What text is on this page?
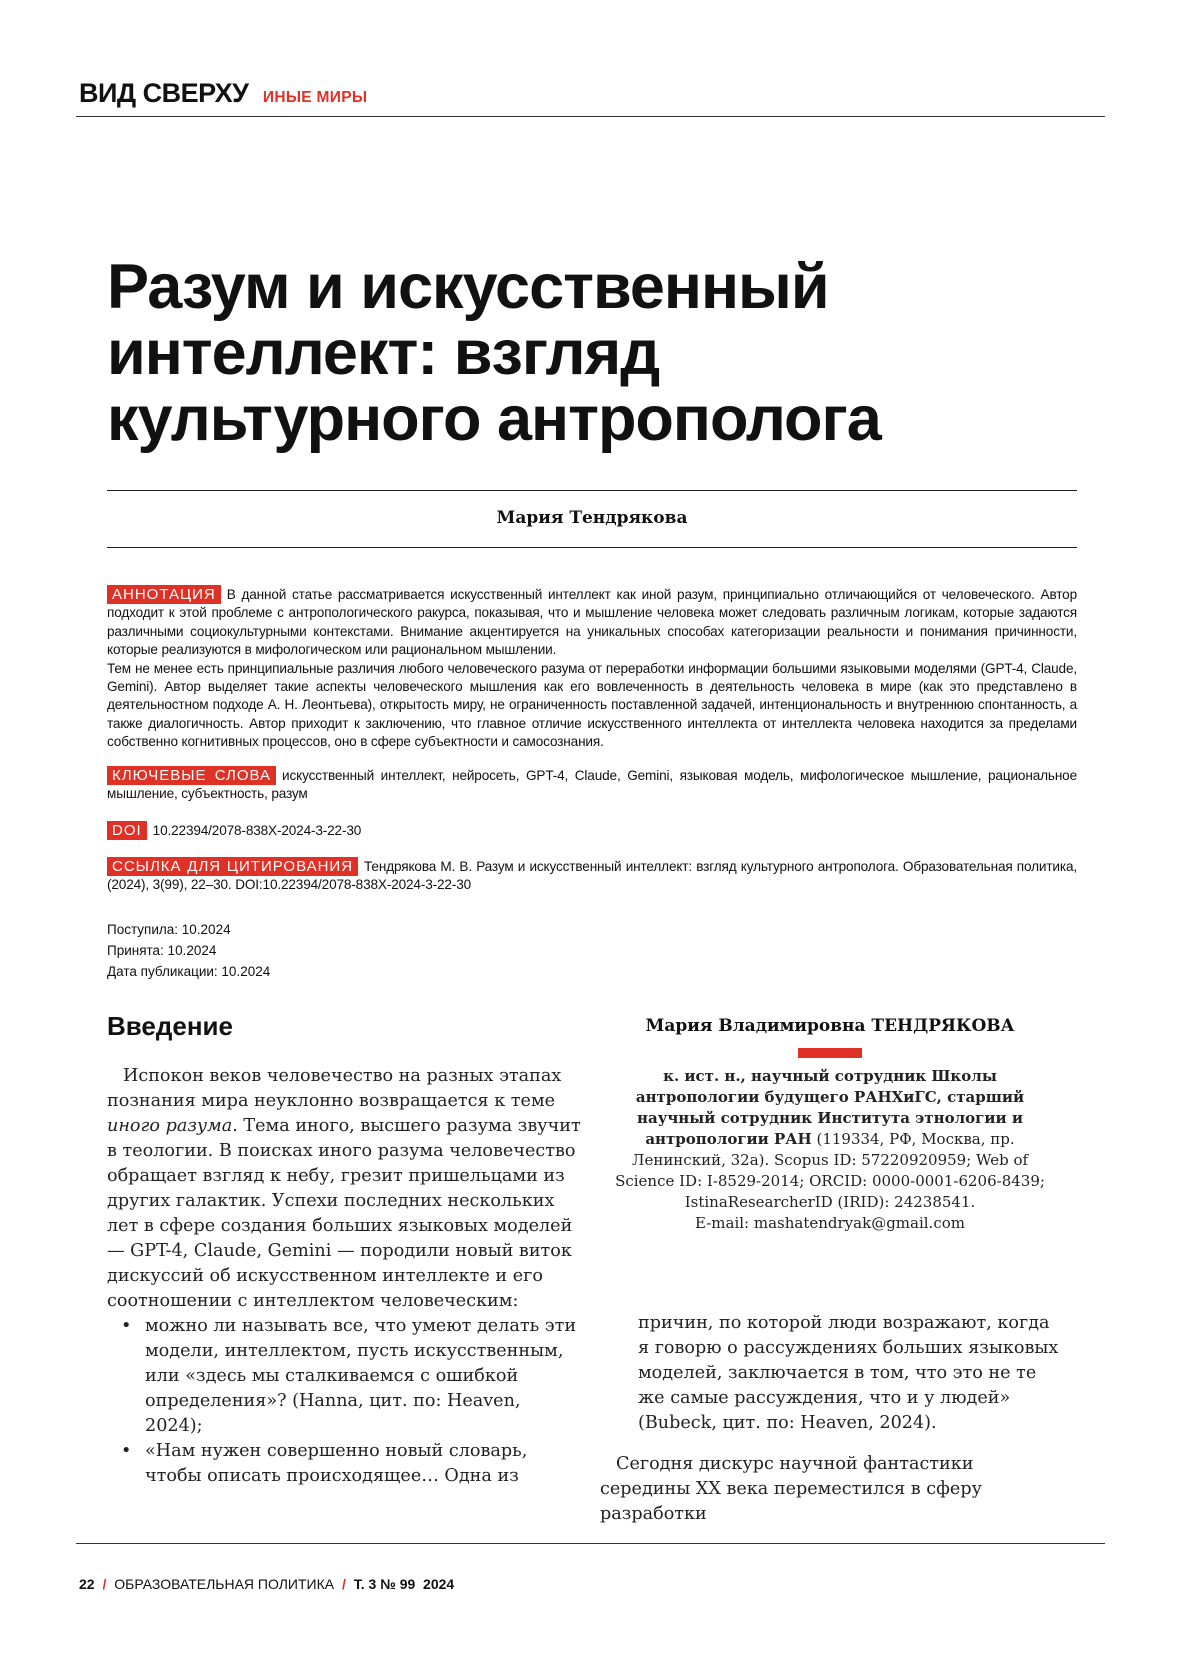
ВИД СВЕРХУ ИНЫЕ МИРЫ
Разум и искусственный
интеллект: взгляд
культурного антрополога
Мария Тендрякова
АННОТАЦИЯ В данной статье рассматривается искусственный интеллект как иной разум, принципиально отличающийся от человеческого. Автор подходит к этой проблеме с антропологического ракурса, показывая, что и мышление человека может следовать различным логикам, которые задаются различными социокультурными контекстами. Внимание акцентируется на уникальных способах категоризации реальности и понимания причинности, которые реализуются в мифологическом или рациональном мышлении.
Тем не менее есть принципиальные различия любого человеческого разума от переработки информации большими языковыми моделями (GPT-4, Claude, Gemini). Автор выделяет такие аспекты человеческого мышления как его вовлеченность в деятельность человека в мире (как это представлено в деятельностном подходе А. Н. Леонтьева), открытость миру, не ограниченность поставленной задачей, интенциональность и внутреннюю спонтанность, а также диалогичность. Автор приходит к заключению, что главное отличие искусственного интеллекта от интеллекта человека находится за пределами собственно когнитивных процессов, оно в сфере субъектности и самосознания.
КЛЮЧЕВЫЕ СЛОВА искусственный интеллект, нейросеть, GPT-4, Claude, Gemini, языковая модель, мифологическое мышление, рациональное мышление, субъектность, разум
DOI 10.22394/2078-838X-2024-3-22-30
ССЫЛКА ДЛЯ ЦИТИРОВАНИЯ Тендрякова М. В. Разум и искусственный интеллект: взгляд культурного антрополога. Образовательная политика, (2024), 3(99), 22–30. DOI:10.22394/2078-838X-2024-3-22-30
Поступила: 10.2024
Принята: 10.2024
Дата публикации: 10.2024
Введение
Испокон веков человечество на разных этапах познания мира неуклонно возвращается к теме иного разума. Тема иного, высшего разума звучит в теологии. В поисках иного разума человечество обращает взгляд к небу, грезит пришельцами из других галактик. Успехи последних нескольких лет в сфере создания больших языковых моделей — GPT-4, Claude, Gemini — породили новый виток дискуссий об искусственном интеллекте и его соотношении с интеллектом человеческим:
• можно ли называть все, что умеют делать эти модели, интеллектом, пусть искусственным, или «здесь мы сталкиваемся с ошибкой определения»? (Hanna, цит. по: Heaven, 2024);
• «Нам нужен совершенно новый словарь, чтобы описать происходящее… Одна из
Мария Владимировна ТЕНДРЯКОВА
к. ист. н., научный сотрудник Школы антропологии будущего РАНХиГС, старший научный сотрудник Института этнологии и антропологии РАН (119334, РФ, Москва, пр. Ленинский, 32а). Scopus ID: 57220920959; Web of Science ID: I-8529-2014; ORCID: 0000-0001-6206-8439; IstinaResearcherID (IRID): 24238541.
E-mail: mashatendryak@gmail.com
причин, по которой люди возражают, когда я говорю о рассуждениях больших языковых моделей, заключается в том, что это не те же самые рассуждения, что и у людей» (Bubeck, цит. по: Heaven, 2024).
Сегодня дискурс научной фантастики середины XX века переместился в сферу разработки
22 / ОБРАЗОВАТЕЛЬНАЯ ПОЛИТИКА / Т. 3 № 99  2024
